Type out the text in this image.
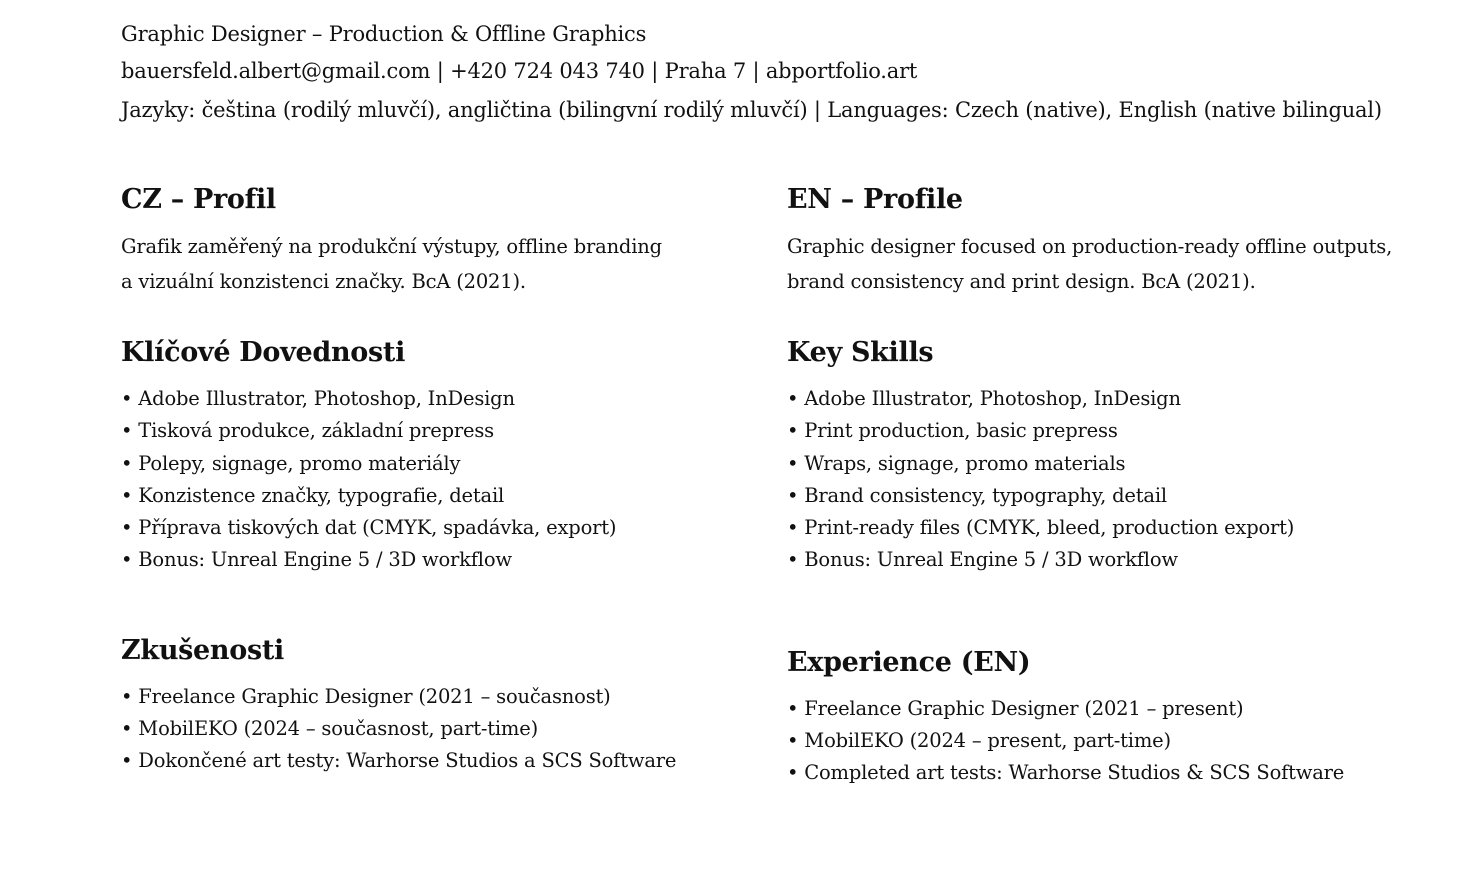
Graphic Designer – Production & Offline Graphics
bauersfeld.albert@gmail.com | +420 724 043 740 | Praha 7 | abportfolio.art
Jazyky: čeština (rodilý mluvčí), angličtina (bilingvní rodilý mluvčí) | Languages: Czech (native), English (native bilingual)
CZ – Profil
Grafik zaměřený na produkční výstupy, offline branding
a vizuální konzistenci značky. BcA (2021).
Klíčové Dovednosti
• Adobe Illustrator, Photoshop, InDesign
• Tisková produkce, základní prepress
• Polepy, signage, promo materiály
• Konzistence značky, typografie, detail
• Příprava tiskových dat (CMYK, spadávka, export)
• Bonus: Unreal Engine 5 / 3D workflow
Zkušenosti
• Freelance Graphic Designer (2021 – současnost)
• MobilEKO (2024 – současnost, part-time)
• Dokončené art testy: Warhorse Studios a SCS Software
EN – Profile
Graphic designer focused on production-ready offline outputs,
brand consistency and print design. BcA (2021).
Key Skills
• Adobe Illustrator, Photoshop, InDesign
• Print production, basic prepress
• Wraps, signage, promo materials
• Brand consistency, typography, detail
• Print-ready files (CMYK, bleed, production export)
• Bonus: Unreal Engine 5 / 3D workflow
Experience (EN)
• Freelance Graphic Designer (2021 – present)
• MobilEKO (2024 – present, part-time)
• Completed art tests: Warhorse Studios & SCS Software
